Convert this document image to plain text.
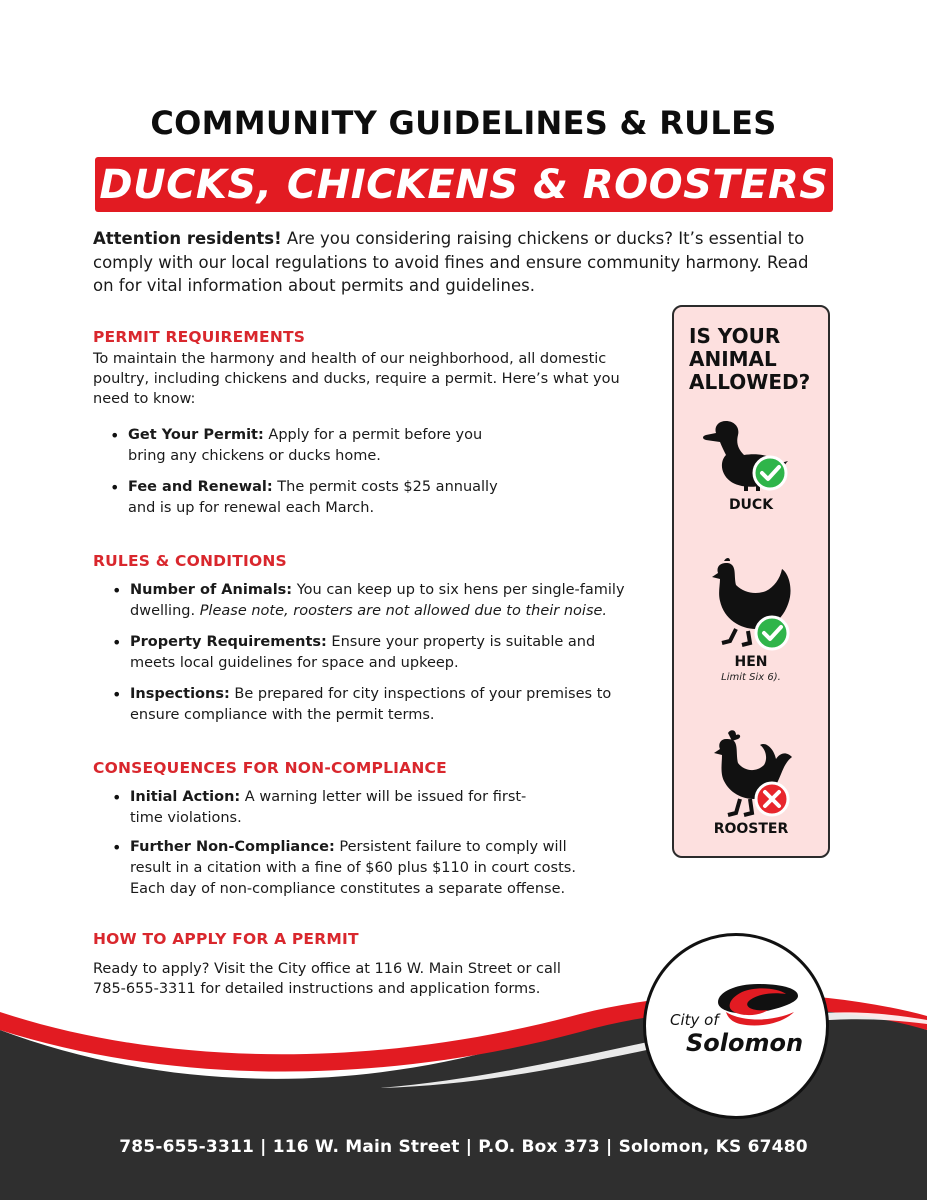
COMMUNITY GUIDELINES & RULES
DUCKS, CHICKENS & ROOSTERS

Attention residents! Are you considering raising chickens or ducks? It’s essential to comply with our local regulations to avoid fines and ensure community harmony. Read on for vital information about permits and guidelines.

PERMIT REQUIREMENTS

To maintain the harmony and health of our neighborhood, all domestic poultry, including chickens and ducks, require a permit. Here’s what you need to know:

• Get Your Permit: Apply for a permit before you bring any chickens or ducks home.
• Fee and Renewal: The permit costs $25 annually and is up for renewal each March.
RULES & CONDITIONS
• Number of Animals: You can keep up to six hens per single-family dwelling. Please note, roosters are not allowed due to their noise.
• Property Requirements: Ensure your property is suitable and meets local guidelines for space and upkeep.
• Inspections: Be prepared for city inspections of your premises to ensure compliance with the permit terms.
CONSEQUENCES FOR NON-COMPLIANCE
• Initial Action: A warning letter will be issued for first-time violations.
• Further Non-Compliance: Persistent failure to comply will result in a citation with a fine of $60 plus $110 in court costs. Each day of non-compliance constitutes a separate offense.
HOW TO APPLY FOR A PERMIT

Ready to apply? Visit the City office at 116 W. Main Street or call 785-655-3311 for detailed instructions and application forms.

IS YOUR
ANIMAL
ALLOWED?

DUCK
HEN
Limit Six 6).
ROOSTER
785-655-3311 | 116 W. Main Street | P.O. Box 373 | Solomon, KS 67480
City of
Solomon
